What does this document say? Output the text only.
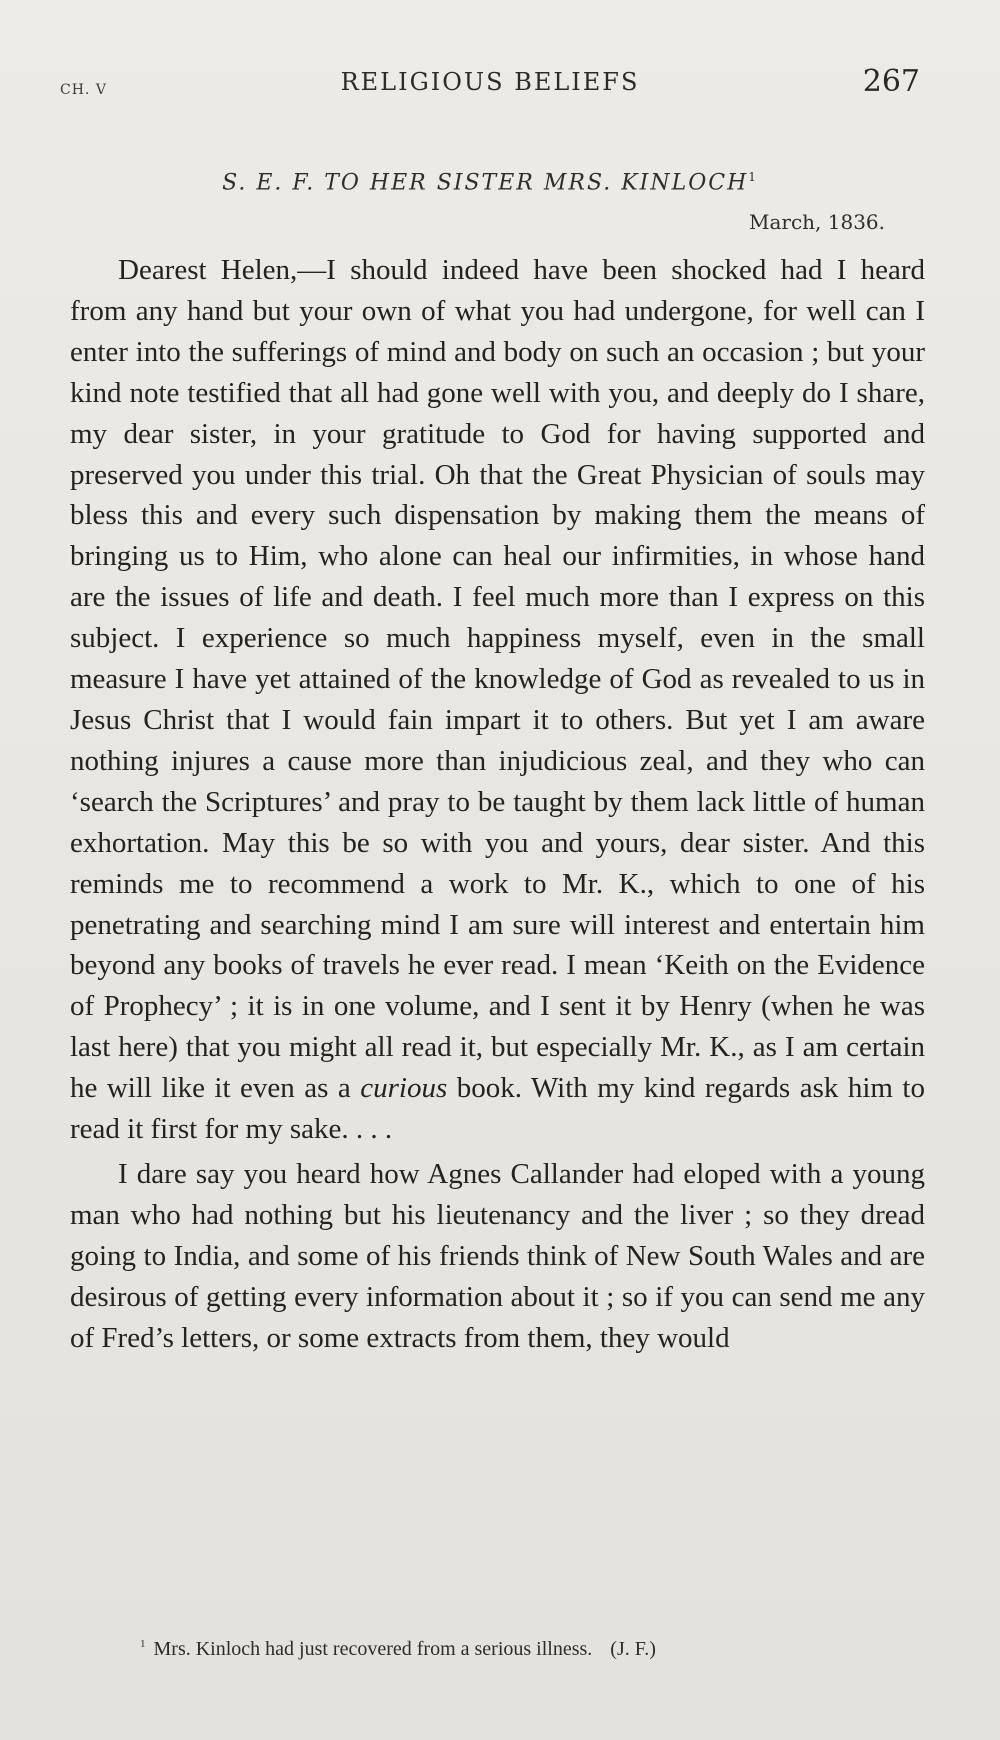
CH. V	RELIGIOUS BELIEFS	267
S. E. F. TO HER SISTER MRS. KINLOCH$^1$
March, 1836.

Dearest Helen,—I should indeed have been shocked had I heard from any hand but your own of what you had undergone, for well can I enter into the sufferings of mind and body on such an occasion ; but your kind note testified that all had gone well with you, and deeply do I share, my dear sister, in your gratitude to God for having supported and preserved you under this trial. Oh that the Great Physician of souls may bless this and every such dispensation by making them the means of bringing us to Him, who alone can heal our infirmities, in whose hand are the issues of life and death. I feel much more than I express on this subject. I experience so much happiness myself, even in the small measure I have yet attained of the knowledge of God as revealed to us in Jesus Christ that I would fain impart it to others. But yet I am aware nothing injures a cause more than injudicious zeal, and they who can ‘search the Scriptures’ and pray to be taught by them lack little of human exhortation. May this be so with you and yours, dear sister. And this reminds me to recommend a work to Mr. K., which to one of his penetrating and searching mind I am sure will interest and entertain him beyond any books of travels he ever read. I mean ‘Keith on the Evidence of Prophecy’ ; it is in one volume, and I sent it by Henry (when he was last here) that you might all read it, but especially Mr. K., as I am certain he will like it even as a curious book. With my kind regards ask him to read it first for my sake. . . .

I dare say you heard how Agnes Callander had eloped with a young man who had nothing but his lieutenancy and the liver ; so they dread going to India, and some of his friends think of New South Wales and are desirous of getting every information about it ; so if you can send me any of Fred’s letters, or some extracts from them, they would

$^1$ Mrs. Kinloch had just recovered from a serious illness. (J. F.)
